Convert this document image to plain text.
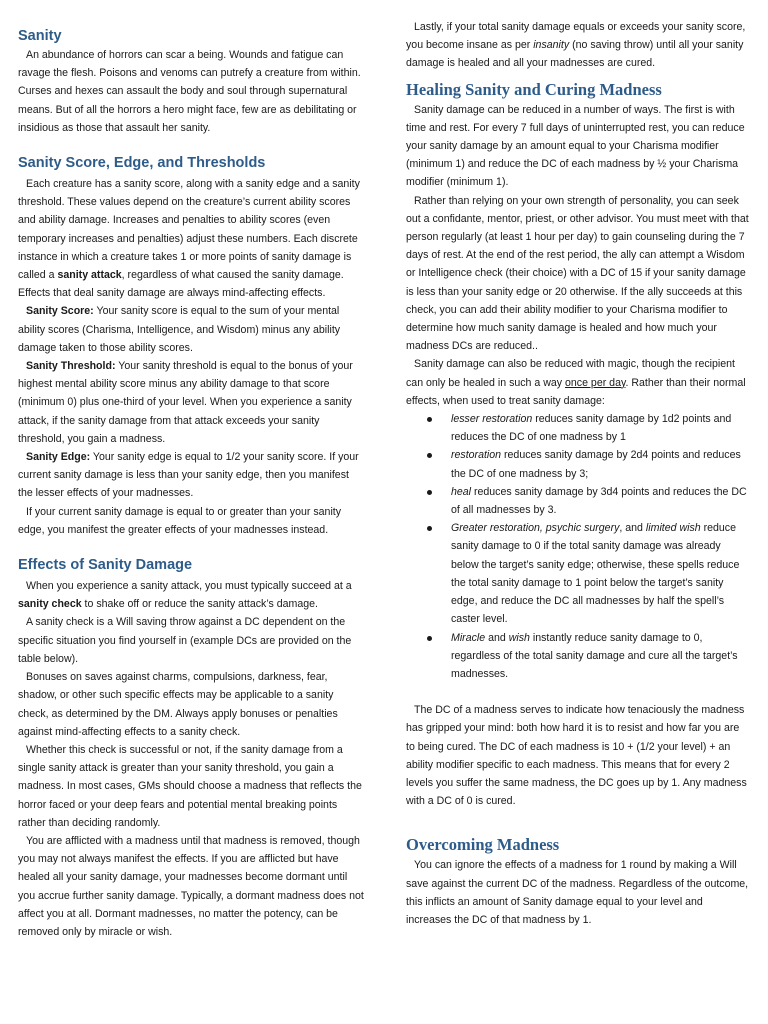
Sanity

An abundance of horrors can scar a being. Wounds and fatigue can ravage the flesh. Poisons and venoms can putrefy a creature from within. Curses and hexes can assault the body and soul through supernatural means. But of all the horrors a hero might face, few are as debilitating or insidious as those that assault her sanity.

Sanity Score, Edge, and Thresholds

Each creature has a sanity score, along with a sanity edge and a sanity threshold. These values depend on the creature’s current ability scores and ability damage. Increases and penalties to ability scores (even temporary increases and penalties) adjust these numbers. Each discrete instance in which a creature takes 1 or more points of sanity damage is called a sanity attack, regardless of what caused the sanity damage. Effects that deal sanity damage are always mind-affecting effects.

Sanity Score: Your sanity score is equal to the sum of your mental ability scores (Charisma, Intelligence, and Wisdom) minus any ability damage taken to those ability scores.

Sanity Threshold: Your sanity threshold is equal to the bonus of your highest mental ability score minus any ability damage to that score (minimum 0) plus one-third of your level. When you experience a sanity attack, if the sanity damage from that attack exceeds your sanity threshold, you gain a madness.

Sanity Edge: Your sanity edge is equal to 1/2 your sanity score. If your current sanity damage is less than your sanity edge, then you manifest the lesser effects of your madnesses.

If your current sanity damage is equal to or greater than your sanity edge, you manifest the greater effects of your madnesses instead.

Effects of Sanity Damage

When you experience a sanity attack, you must typically succeed at a sanity check to shake off or reduce the sanity attack’s damage.

A sanity check is a Will saving throw against a DC dependent on the specific situation you find yourself in (example DCs are provided on the table below).

Bonuses on saves against charms, compulsions, darkness, fear, shadow, or other such specific effects may be applicable to a sanity check, as determined by the DM. Always apply bonuses or penalties against mind-affecting effects to a sanity check.

Whether this check is successful or not, if the sanity damage from a single sanity attack is greater than your sanity threshold, you gain a madness. In most cases, GMs should choose a madness that reflects the horror faced or your deep fears and potential mental breaking points rather than deciding randomly.

You are afflicted with a madness until that madness is removed, though you may not always manifest the effects. If you are afflicted but have healed all your sanity damage, your madnesses become dormant until you accrue further sanity damage. Typically, a dormant madness does not affect you at all. Dormant madnesses, no matter the potency, can be removed only by miracle or wish.

Lastly, if your total sanity damage equals or exceeds your sanity score, you become insane as per insanity (no saving throw) until all your sanity damage is healed and all your madnesses are cured.

Healing Sanity and Curing Madness

Sanity damage can be reduced in a number of ways. The first is with time and rest. For every 7 full days of uninterrupted rest, you can reduce your sanity damage by an amount equal to your Charisma modifier (minimum 1) and reduce the DC of each madness by ½ your Charisma modifier (minimum 1).

Rather than relying on your own strength of personality, you can seek out a confidante, mentor, priest, or other advisor. You must meet with that person regularly (at least 1 hour per day) to gain counseling during the 7 days of rest. At the end of the rest period, the ally can attempt a Wisdom or Intelligence check (their choice) with a DC of 15 if your sanity damage is less than your sanity edge or 20 otherwise. If the ally succeeds at this check, you can add their ability modifier to your Charisma modifier to determine how much sanity damage is healed and how much your madness DCs are reduced..

Sanity damage can also be reduced with magic, though the recipient can only be healed in such a way once per day. Rather than their normal effects, when used to treat sanity damage:

lesser restoration reduces sanity damage by 1d2 points and reduces the DC of one madness by 1
restoration reduces sanity damage by 2d4 points and reduces the DC of one madness by 3;
heal reduces sanity damage by 3d4 points and reduces the DC of all madnesses by 3.
Greater restoration, psychic surgery, and limited wish reduce sanity damage to 0 if the total sanity damage was already below the target’s sanity edge; otherwise, these spells reduce the total sanity damage to 1 point below the target’s sanity edge, and reduce the DC all madnesses by half the spell’s caster level.
Miracle and wish instantly reduce sanity damage to 0, regardless of the total sanity damage and cure all the target’s madnesses.

The DC of a madness serves to indicate how tenaciously the madness has gripped your mind: both how hard it is to resist and how far you are to being cured. The DC of each madness is 10 + (1/2 your level) + an ability modifier specific to each madness. This means that for every 2 levels you suffer the same madness, the DC goes up by 1. Any madness with a DC of 0 is cured.

Overcoming Madness

You can ignore the effects of a madness for 1 round by making a Will save against the current DC of the madness. Regardless of the outcome, this inflicts an amount of Sanity damage equal to your level and increases the DC of that madness by 1.
